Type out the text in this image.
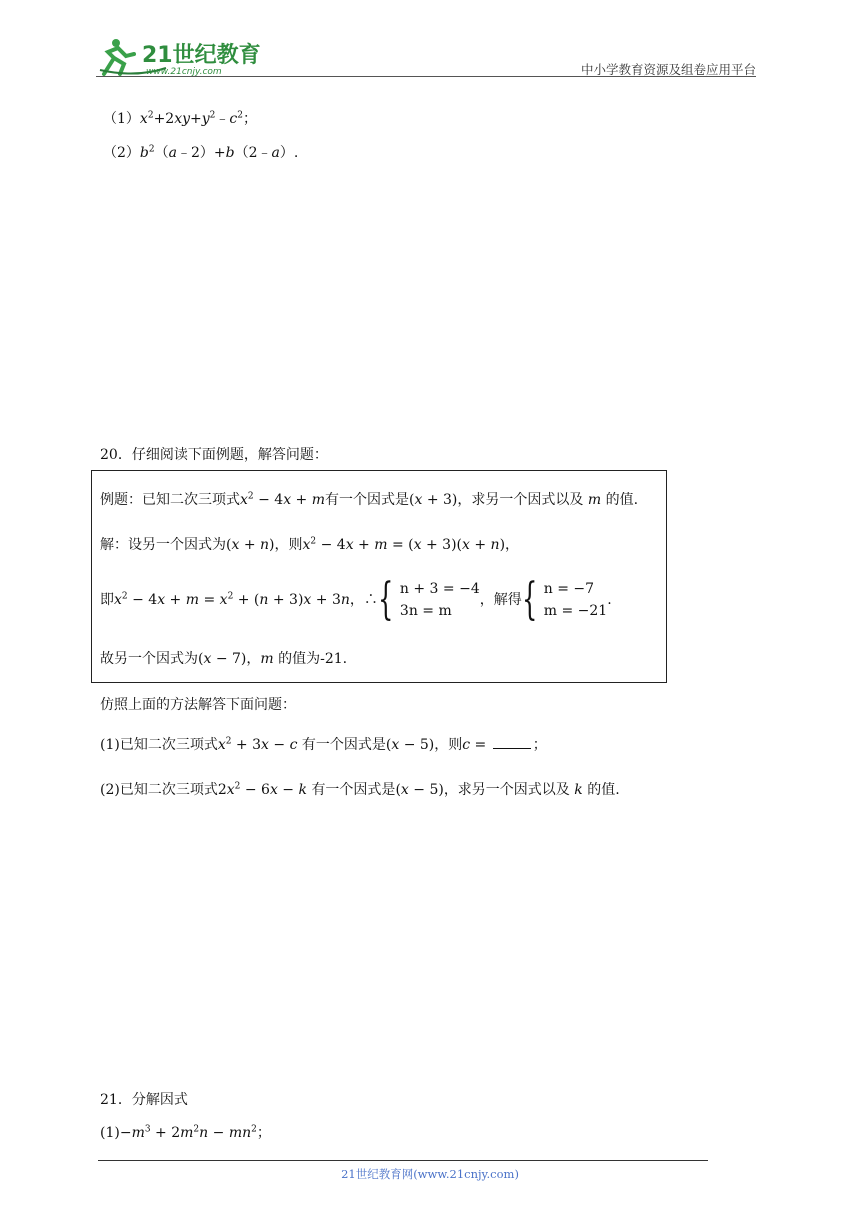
21世纪教育
www.21cnjy.com	中小学教育资源及组卷应用平台
$(1)x^2+2xy+y^2﹣c^2$；
$(2)b^2(a﹣2)+b(2﹣a)$.
20．仔细阅读下面例题，解答问题：
例题：已知二次三项式$x^2 - 4x + m$有一个因式是(x + 3)，求另一个因式以及 m 的值.
解：设另一个因式为(x + n)，则$x^2 - 4x + m = (x + 3)(x + n)$，
即$x^2 - 4x + m = x^2 + (n + 3)x + 3n$，∴{ n + 3 = −4
3n = m，解得{ n = −7
m = −21.
故另一个因式为(x − 7)，m 的值为-21.
仿照上面的方法解答下面问题：
(1)已知二次三项式$x^2 + 3x - c$ 有一个因式是(x − 5)，则c =	；
(2)已知二次三项式$2x^2 - 6x - k$ 有一个因式是(x − 5)，求另一个因式以及 k 的值.
21．分解因式
$(1)-m^3 + 2m^2n - mn^2$；
21世纪教育网(www.21cnjy.com)
